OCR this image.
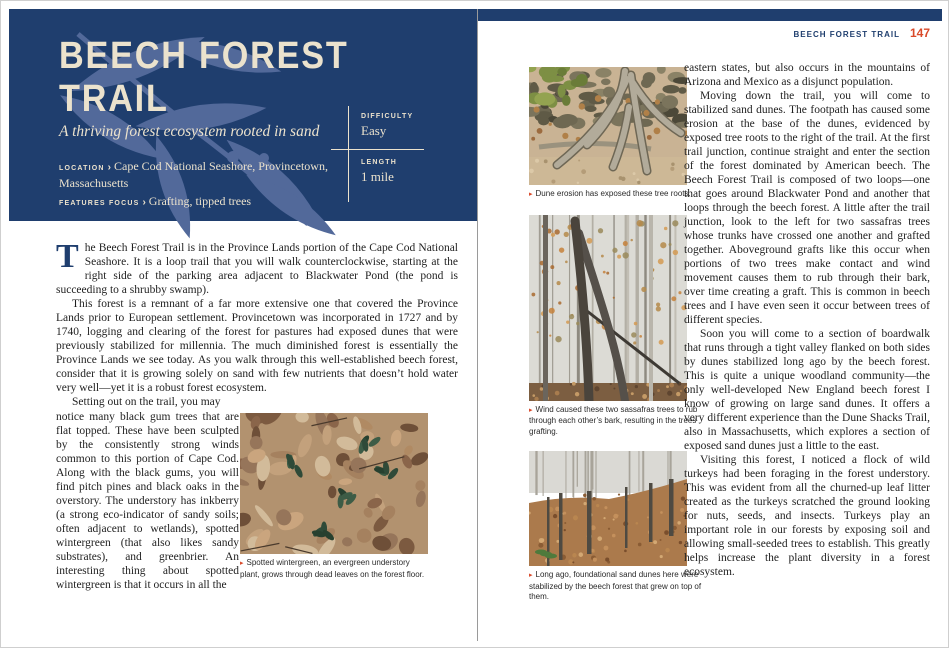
BEECH FOREST
TRAIL
A thriving forest ecosystem rooted in sand
LOCATION › Cape Cod National Seashore, Provincetown, Massachusetts
FEATURES FOCUS › Grafting, tipped trees
DIFFICULTY
Easy
LENGTH
1 mile

The Beech Forest Trail is in the Province Lands portion of the Cape Cod National Seashore. It is a loop trail that you will walk counterclockwise, starting at the right side of the parking area adjacent to Blackwater Pond (the pond is succeeding to a shrubby swamp).

This forest is a remnant of a far more extensive one that covered the Province Lands prior to European settlement. Provincetown was incorporated in 1727 and by 1740, logging and clearing of the forest for pastures had exposed dunes that were previously stabilized for millennia. The much diminished forest is essentially the Province Lands we see today. As you walk through this well-established beech forest, consider that it is growing solely on sand with few nutrients that doesn’t hold water very well—yet it is a robust forest ecosystem.

Setting out on the trail, you may

notice many black gum trees that are flat topped. These have been sculpted by the consistently strong winds common to this portion of Cape Cod. Along with the black gums, you will find pitch pines and black oaks in the overstory. The understory has inkberry (a strong eco-indicator of sandy soils; often adjacent to wetlands), spotted wintergreen (that also likes sandy substrates), and greenbrier. An interesting thing about spotted wintergreen is that it occurs in all the
▸ Spotted wintergreen, an evergreen understory plant, grows through dead leaves on the forest floor.
BEECH FOREST TRAIL 147
▸ Dune erosion has exposed these tree roots.
▸ Wind caused these two sassafras trees to rub through each other’s bark, resulting in the trees grafting.
▸ Long ago, foundational sand dunes here were stabilized by the beech forest that grew on top of them.

eastern states, but also occurs in the mountains of Arizona and Mexico as a disjunct population.

Moving down the trail, you will come to stabilized sand dunes. The footpath has caused some erosion at the base of the dunes, evidenced by exposed tree roots to the right of the trail. At the first trail junction, continue straight and enter the section of the forest dominated by American beech. The Beech Forest Trail is composed of two loops—one that goes around Blackwater Pond and another that loops through the beech forest. A little after the trail junction, look to the left for two sassafras trees whose trunks have crossed one another and grafted together. Aboveground grafts like this occur when portions of two trees make contact and wind movement causes them to rub through their bark, over time creating a graft. This is common in beech trees and I have even seen it occur between trees of different species.

Soon you will come to a section of boardwalk that runs through a tight valley flanked on both sides by dunes stabilized long ago by the beech forest. This is quite a unique woodland community—the only well-developed New England beech forest I know of growing on large sand dunes. It offers a very different experience than the Dune Shacks Trail, also in Massachusetts, which explores a section of exposed sand dunes just a little to the east.

Visiting this forest, I noticed a flock of wild turkeys had been foraging in the forest understory. This was evident from all the churned-up leaf litter created as the turkeys scratched the ground looking for nuts, seeds, and insects. Turkeys play an important role in our forests by exposing soil and allowing small-seeded trees to establish. This greatly helps increase the plant diversity in a forest ecosystem.
